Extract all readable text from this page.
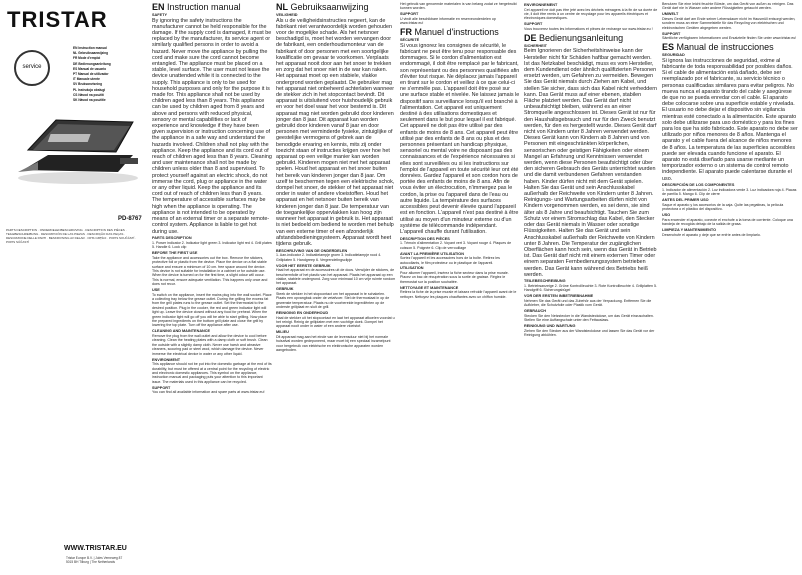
TRISTAR
service
EN Instruction manual
NL Gebruiksaanwijzing
FR Mode d'emploi
DE Bedienungsanleitung
ES Manual de usuario
PT Manual de utilizador
IT Manuale utente
SV Bruksanvisning
PL Instrukcja obsługi
CS Návod na použití
SK Návod na použitie
PD-8767
PARTS DESCRIPTION · ONDERDELENBESCHRIJVING · DESCRIPTION DES PIÈCES · TEILEBESCHREIBUNG · DESCRIPCIÓN DE LAS PIEZAS · DESCRIÇÃO DAS PEÇAS · DESCRIZIONE DELLE PARTI · BESKRIVNING AV DELAR · OPIS CZĘŚCI · POPIS SOUČÁSTÍ · POPIS SÚČASTÍ
WWW.TRISTAR.EU
Tristar Europe B.V. | Jules Verneweg 87
5015 BH Tilburg | The Netherlands
EN Instruction manual
SAFETY

By ignoring the safety instructions the manufacturer cannot be held responsible for the damage. If the supply cord is damaged, it must be replaced by the manufacturer, its service agent or similarly qualified persons in order to avoid a hazard. Never move the appliance by pulling the cord and make sure the cord cannot become entangled. The appliance must be placed on a stable, level surface. The user must not leave the device unattended while it is connected to the supply. This appliance is only to be used for household purposes and only for the purpose it is made for. This appliance shall not be used by children aged less than 8 years. This appliance can be used by children aged from 8 years and above and persons with reduced physical, sensory or mental capabilities or lack of experience and knowledge if they have been given supervision or instruction concerning use of the appliance in a safe way and understand the hazards involved. Children shall not play with the appliance. Keep the appliance and its cord out of reach of children aged less than 8 years. Cleaning and user maintenance shall not be made by children unless older than 8 and supervised. To protect yourself against an electric shock, do not immerse the cord, plug or appliance in the water or any other liquid. Keep the appliance and its cord out of reach of children less than 8 years. The temperature of accessible surfaces may be high when the appliance is operating. The appliance is not intended to be operated by means of an external timer or a separate remote-control system. Appliance is liable to get hot during use.

PARTS DESCRIPTION

1. Power indicator 2. Indicator light green 3. Indicator light red 4. Grill plates 5. Handle 6. Lock clip

BEFORE THE FIRST USE

Take the appliance and accessories out the box. Remove the stickers, protective foil or plastic from the device. Place the device on a flat stable surface and ensure a minimum of 10 cm. free space around the device. This device is not suitable for installation in a cabinet or for outside use. When the device is turned on for the first time, a slight odour will occur. This is normal, ensure adequate ventilation. This happens only once and does not recur.

USE

To switch on the appliance, insert the mains plug into the wall socket. Place a collecting tray below the grease outlet. During the grilling the excess fat from the grill plates runs to the grease outlet. Set the thermostat to the desired position. Plug in the cooker, the red and green indicator light will light up. Leave the device closed without any food for preheat. When the green indicator light will go off you will be able to start grilling. Now place the prepared ingredients on the bottom grill plate and close the grill by lowering the top plate. Turn off the appliance after use.

CLEANING AND MAINTENANCE

Remove the plug from the wall outlet and allow the device to cool before cleaning. Clean the heating plates with a damp cloth or soft brush. Clean the outside with a slightly damp cloth. Never use harsh and abrasive cleaners, scouring pad or steel wool, which damage the device. Never immerse the electrical device in water or any other liquid.

ENVIRONMENT

This appliance should not be put into the domestic garbage at the end of its durability, but must be offered at a central point for the recycling of electric and electronic domestic appliances. This symbol on the appliance, instruction manual and packaging puts your attention to this important issue. The materials used in this appliance can be recycled.

SUPPORT

You can find all available information and spare parts at www.tristar.eu!

NL Gebruiksaanwijzing
VEILIGHEID

Als u de veiligheidsinstructies negeert, kan de fabrikant niet verantwoordelijk worden gehouden voor de mogelijke schade. Als het netsnoer beschadigd is, moet het worden vervangen door de fabrikant, een onderhoudsmonteur van de fabrikant of door personen met een soortgelijke kwalificatie om gevaar te voorkomen. Verplaats het apparaat nooit door aan het snoer te trekken en zorg dat het snoer niet in de war kan raken. Het apparaat moet op een stabiele, vlakke ondergrond worden geplaatst. De gebruiker mag het apparaat niet onbeheerd achterlaten wanneer de stekker zich in het stopcontact bevindt. Dit apparaat is uitsluitend voor huishoudelijk gebruik en voor het doel waar het voor bestemd is. Dit apparaat mag niet worden gebruikt door kinderen jonger dan 8 jaar. Dit apparaat kan worden gebruikt door kinderen vanaf 8 jaar en door personen met verminderde fysieke, zintuiglijke of geestelijke vermogens of gebrek aan de benodigde ervaring en kennis, mits zij onder toezicht staan of instructies krijgen over hoe het apparaat op een veilige manier kan worden gebruikt. Kinderen mogen niet met het apparaat spelen. Houd het apparaat en het snoer buiten het bereik van kinderen jonger dan 8 jaar. Om uzelf te beschermen tegen een elektrische schok, dompel het snoer, de stekker of het apparaat niet onder in water of andere vloeistoffen. Houd het apparaat en het netsnoer buiten bereik van kinderen jonger dan 8 jaar. De temperatuur van de toegankelijke oppervlakken kan hoog zijn wanneer het apparaat in gebruik is. Het apparaat is niet bedoeld om bediend te worden met behulp van een externe timer of een afzonderlijk afstandsbedieningsysteem. Apparaat wordt heet tijdens gebruik.

BESCHRIJVING VAN DE ONDERDELEN

1. Aan-indicator 2. Indicatielampje groen 3. Indicatielampje rood 4. Grillplaten 5. Handgreep 6. Vergrendelingsclipje

VOOR HET EERSTE GEBRUIK

Haal het apparaat en de accessoires uit de doos. Verwijder de stickers, de beschermfolie of het plastic van het apparaat. Plaats het apparaat op een vlakke, stabiele ondergrond. Zorg voor minimaal 10 cm vrije ruimte rondom het apparaat.

GEBRUIK

Steek de stekker in het stopcontact om het apparaat in te schakelen. Plaats een opvangbak onder de vetafvoer. Stel de thermostaat in op de gewenste temperatuur. Plaats nu de voorbereide ingrediënten op de onderste grillplaat en sluit de grill.

REINIGING EN ONDERHOUD

Haal de stekker uit het stopcontact en laat het apparaat afkoelen voordat u het reinigt. Reinig de grillplaten met een vochtige doek. Dompel het apparaat nooit onder in water of een andere vloeistof.

MILIEU

Dit apparaat mag aan het einde van de levensduur niet bij het normale huisafval worden gedeponeerd, maar moet bij een speciaal inzamelpunt voor hergebruik van elektrische en elektronische apparaten worden aangeboden.

Het gebruik van genoemde materialen is van belang zodat ze hergebruikt kunnen worden.

SUPPORT

U vindt alle beschikbare informatie en reserveonderdelen op www.tristar.eu!

FR Manuel d'instructions
SÉCURITÉ

Si vous ignorez les consignes de sécurité, le fabricant ne peut être tenu pour responsable des dommages. Si le cordon d'alimentation est endommagé, il doit être remplacé par le fabricant, son représentant ou des personnes qualifiées afin d'éviter tout risque. Ne déplacez jamais l'appareil en tirant sur le cordon et veillez à ce que celui-ci ne s'emmêle pas. L'appareil doit être posé sur une surface stable et nivelée. Ne laissez jamais le dispositif sans surveillance lorsqu'il est branché à l'alimentation. Cet appareil est uniquement destiné à des utilisations domestiques et seulement dans le but pour lequel il est fabriqué. Cet appareil ne doit pas être utilisé par des enfants de moins de 8 ans. Cet appareil peut être utilisé par des enfants de 8 ans ou plus et des personnes présentant un handicap physique, sensoriel ou mental voire ne disposant pas des connaissances et de l'expérience nécessaires si elles sont surveillées ou si les instructions sur l'emploi de l'appareil en toute sécurité leur ont été données. Gardez l'appareil et son cordon hors de portée des enfants de moins de 8 ans. Afin de vous éviter un électrocution, n'immergez pas le cordon, la prise ou l'appareil dans de l'eau ou autre liquide. La température des surfaces accessibles peut devenir élevée quand l'appareil est en fonction. L'appareil n'est pas destiné à être utilisé au moyen d'un minuteur externe ou d'un système de télécommande indépendant. L'appareil chauffe durant l'utilisation.

DESCRIPTION DES PIÈCES

1. Témoin d'alimentation 2. Voyant vert 3. Voyant rouge 4. Plaques de cuisson 5. Poignée 6. Clip de verrouillage

AVANT LA PREMIÈRE UTILISATION

Sortez l'appareil et les accessoires hors de la boîte. Retirez les autocollants, le film protecteur ou le plastique de l'appareil.

UTILISATION

Pour allumer l'appareil, insérez la fiche secteur dans la prise murale. Placez un bac de récupération sous la sortie de graisse. Réglez le thermostat sur la position souhaitée.

NETTOYAGE ET MAINTENANCE

Retirez la fiche de la prise murale et laissez refroidir l'appareil avant de le nettoyer. Nettoyez les plaques chauffantes avec un chiffon humide.

ENVIRONNEMENT

Cet appareil ne doit pas être jeté avec les déchets ménagers à la fin de sa durée de vie, il doit être remis à un centre de recyclage pour les appareils électriques et électroniques domestiques.

SUPPORT

Vous trouverez toutes les informations et pièces de rechange sur www.tristar.eu !

DE Bedienungsanleitung
SICHERHEIT

Beim Ignorieren der Sicherheitshinweise kann der Hersteller nicht für Schäden haftbar gemacht werden. Ist das Netzkabel beschädigt, muss es vom Hersteller, dem Kundendienst oder ähnlich qualifizierten Personen ersetzt werden, um Gefahren zu vermeiden. Bewegen Sie das Gerät niemals durch Ziehen am Kabel, und stellen Sie sicher, dass sich das Kabel nicht verheddern kann. Das Gerät muss auf einer ebenen, stabilen Fläche platziert werden. Das Gerät darf nicht unbeaufsichtigt bleiben, während es an einer Stromquelle angeschlossen ist. Dieses Gerät ist nur für den Haushaltsgebrauch und nur für den Zweck benutzt werden, für den es hergestellt wurde. Dieses Gerät darf nicht von Kindern unter 8 Jahren verwendet werden. Dieses Gerät kann von Kindern ab 8 Jahren und von Personen mit eingeschränkten körperlichen, sensorischen oder geistigen Fähigkeiten oder einem Mangel an Erfahrung und Kenntnissen verwendet werden, wenn diese Personen beaufsichtigt oder über den sicheren Gebrauch des Geräts unterrichtet wurden und die damit verbundenen Gefahren verstanden haben. Kinder dürfen nicht mit dem Gerät spielen. Halten Sie das Gerät und sein Anschlusskabel außerhalb der Reichweite von Kindern unter 8 Jahren. Reinigungs- und Wartungsarbeiten dürfen nicht von Kindern vorgenommen werden, es sei denn, sie sind älter als 8 Jahre und beaufsichtigt. Tauchen Sie zum Schutz vor einem Stromschlag das Kabel, den Stecker oder das Gerät niemals in Wasser oder sonstige Flüssigkeiten. Halten Sie das Gerät und sein Anschlusskabel außerhalb der Reichweite von Kindern unter 8 Jahren. Die Temperatur der zugänglichen Oberflächen kann hoch sein, wenn das Gerät in Betrieb ist. Das Gerät darf nicht mit einem externen Timer oder einem separaten Fernbedienungssystem betrieben werden. Das Gerät kann während des Betriebs heiß werden.

TEILEBESCHREIBUNG

1. Betriebsanzeige 2. Grüne Kontrollleuchte 3. Rote Kontrollleuchte 4. Grillplatten 5. Handgriff 6. Sicherungsbügel

VOR DER ERSTEN INBETRIEBNAHME

Nehmen Sie das Gerät und das Zubehör aus der Verpackung. Entfernen Sie die Aufkleber, die Schutzfolie oder Plastik vom Gerät.

GEBRAUCH

Stecken Sie den Netzstecker in die Wandsteckdose, um das Gerät einzuschalten. Stellen Sie eine Auffangschale unter den Fettauslass.

REINIGUNG UND WARTUNG

Ziehen Sie den Stecker aus der Wandsteckdose und lassen Sie das Gerät vor der Reinigung abkühlen.

Benutzen Sie eine leicht feuchte Bürste, um das Gerät von außen zu reinigen. Das Gerät darf nie in Wasser oder andere Flüssigkeiten getaucht werden.

UMWELT

Dieses Gerät darf am Ende seiner Lebensdauer nicht im Hausmüll entsorgt werden, sondern muss an einer Sammelstelle für das Recycling von elektrischen und elektronischen Geräten abgegeben werden.

SUPPORT

Sämtliche verfügbaren Informationen und Ersatzteile finden Sie unter www.tristar.eu!

ES Manual de instrucciones
SEGURIDAD

Si ignora las instrucciones de seguridad, exime al fabricante de toda responsabilidad por posibles daños. Si el cable de alimentación está dañado, debe ser reemplazado por el fabricante, su servicio técnico o personas cualificadas similares para evitar peligros. No mueva nunca el aparato tirando del cable y asegúrese de que no se pueda enredar con el cable. El aparato debe colocarse sobre una superficie estable y nivelada. El usuario no debe dejar el dispositivo sin vigilancia mientras esté conectado a la alimentación. Este aparato solo debe utilizarse para uso doméstico y para los fines para los que ha sido fabricado. Este aparato no debe ser utilizado por niños menores de 8 años. Mantenga el aparato y el cable fuera del alcance de niños menores de 8 años. La temperatura de las superficies accesibles puede ser elevada cuando funcione el aparato. El aparato no está diseñado para usarse mediante un temporizador externo o un sistema de control remoto independiente. El aparato puede calentarse durante el uso.

DESCRIPCIÓN DE LOS COMPONENTES

1. Indicador de alimentación 2. Luz indicadora verde 3. Luz indicadora roja 4. Placas de parrilla 5. Mango 6. Clip de cierre

ANTES DEL PRIMER USO

Saque el aparato y los accesorios de la caja. Quite las pegatinas, la película protectora o el plástico del dispositivo.

USO

Para encender el aparato, conecte el enchufe a la toma de corriente. Coloque una bandeja de recogida debajo de la salida de grasa.

LIMPIEZA Y MANTENIMIENTO

Desenchufe el aparato y deje que se enfríe antes de limpiarlo.
